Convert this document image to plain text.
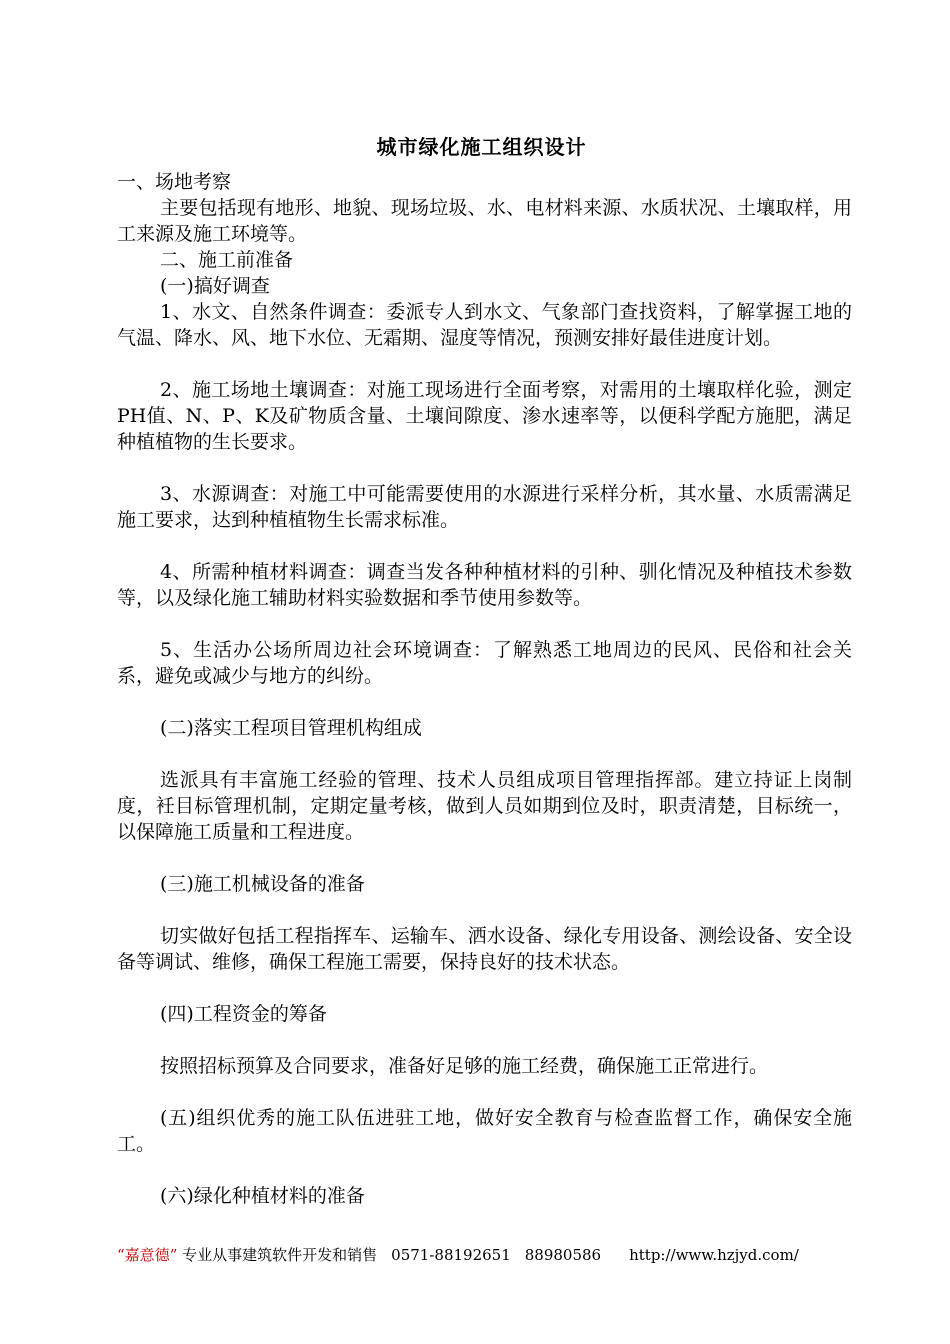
城市绿化施工组织设计

一、场地考察

主要包括现有地形、地貌、现场垃圾、水、电材料来源、水质状况、土壤取样，用工来源及施工环境等。

二、施工前准备

(一)搞好调查

1、水文、自然条件调查：委派专人到水文、气象部门查找资料，了解掌握工地的气温、降水、风、地下水位、无霜期、湿度等情况，预测安排好最佳进度计划。

2、施工场地土壤调查：对施工现场进行全面考察，对需用的土壤取样化验，测定PH值、N、P、K及矿物质含量、土壤间隙度、渗水速率等，以便科学配方施肥，满足种植植物的生长要求。

3、水源调查：对施工中可能需要使用的水源进行采样分析，其水量、水质需满足施工要求，达到种植植物生长需求标准。

4、所需种植材料调查：调查当发各种种植材料的引种、驯化情况及种植技术参数等，以及绿化施工辅助材料实验数据和季节使用参数等。

5、生活办公场所周边社会环境调查：了解熟悉工地周边的民风、民俗和社会关系，避免或减少与地方的纠纷。

(二)落实工程项目管理机构组成

选派具有丰富施工经验的管理、技术人员组成项目管理指挥部。建立持证上岗制度，衽目标管理机制，定期定量考核，做到人员如期到位及时，职责清楚，目标统一，以保障施工质量和工程进度。

(三)施工机械设备的准备

切实做好包括工程指挥车、运输车、洒水设备、绿化专用设备、测绘设备、安全设备等调试、维修，确保工程施工需要，保持良好的技术状态。

(四)工程资金的筹备

按照招标预算及合同要求，准备好足够的施工经费，确保施工正常进行。

(五)组织优秀的施工队伍进驻工地，做好安全教育与检查监督工作，确保安全施工。

(六)绿化种植材料的准备

“嘉意德” 专业从事建筑软件开发和销售 0571-88192651 88980586 http://www.hzjyd.com/
